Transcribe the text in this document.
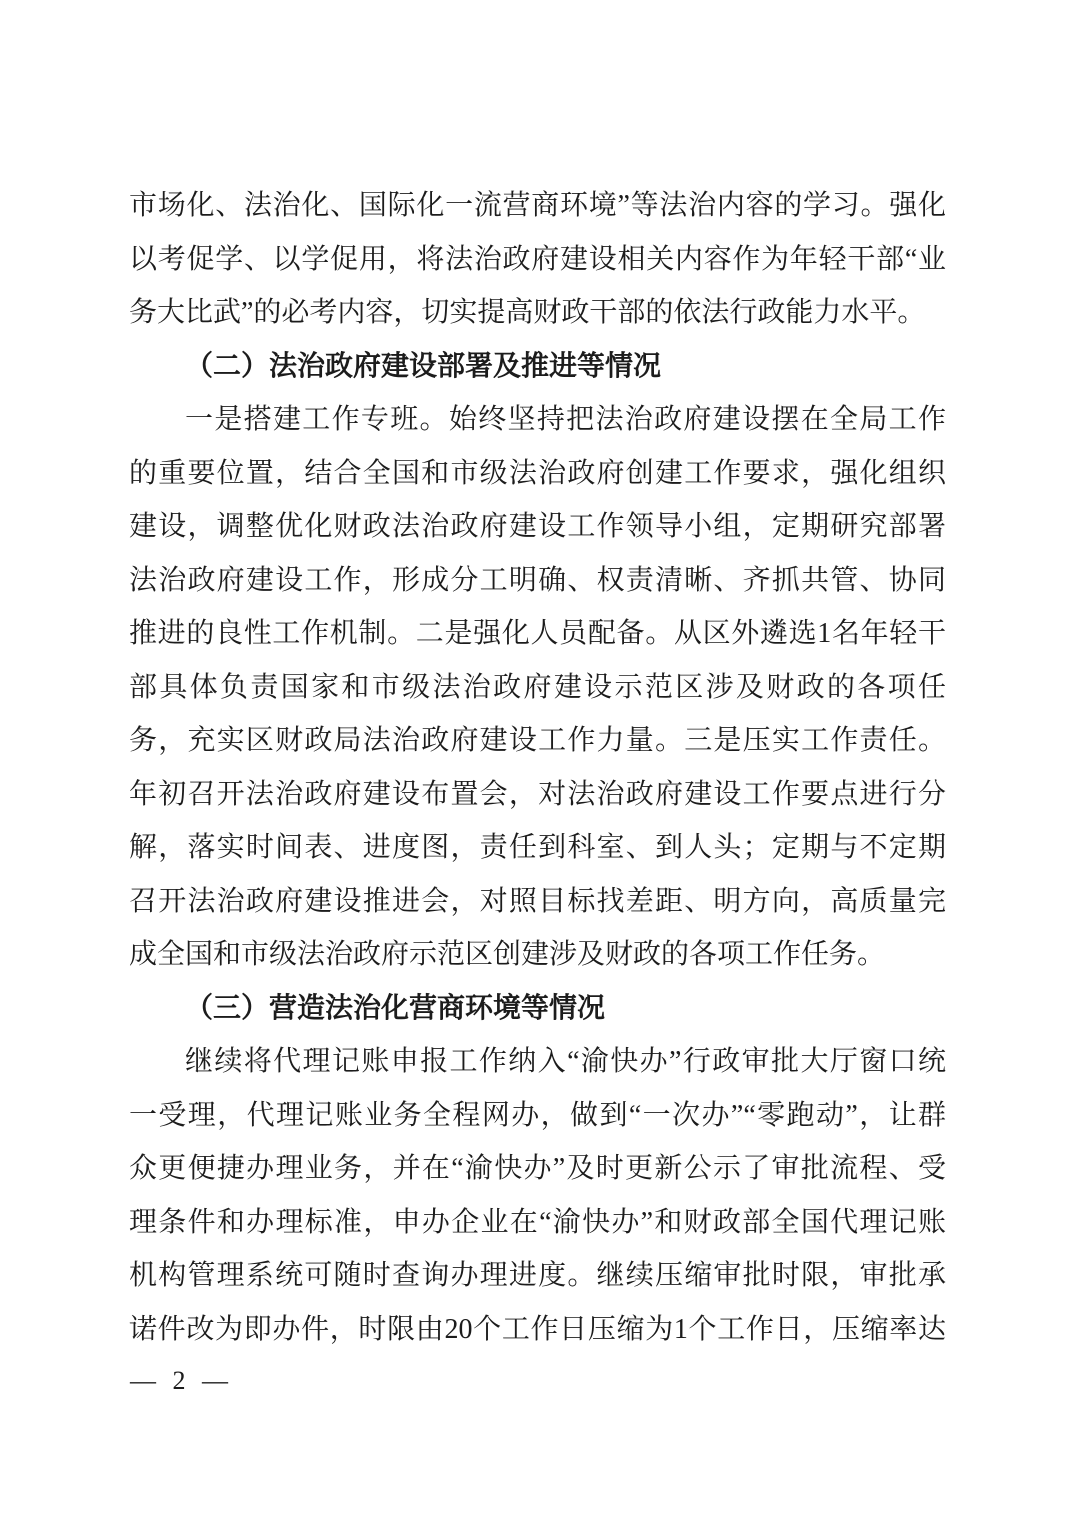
市场化、法治化、国际化一流营商环境”等法治内容的学习。强化
以考促学、以学促用，将法治政府建设相关内容作为年轻干部“业
务大比武”的必考内容，切实提高财政干部的依法行政能力水平。
（二）法治政府建设部署及推进等情况
一是搭建工作专班。始终坚持把法治政府建设摆在全局工作
的重要位置，结合全国和市级法治政府创建工作要求，强化组织
建设，调整优化财政法治政府建设工作领导小组，定期研究部署
法治政府建设工作，形成分工明确、权责清晰、齐抓共管、协同
推进的良性工作机制。二是强化人员配备。从区外遴选1名年轻干
部具体负责国家和市级法治政府建设示范区涉及财政的各项任
务，充实区财政局法治政府建设工作力量。三是压实工作责任。
年初召开法治政府建设布置会，对法治政府建设工作要点进行分
解，落实时间表、进度图，责任到科室、到人头；定期与不定期
召开法治政府建设推进会，对照目标找差距、明方向，高质量完
成全国和市级法治政府示范区创建涉及财政的各项工作任务。
（三）营造法治化营商环境等情况
继续将代理记账申报工作纳入“渝快办”行政审批大厅窗口统
一受理，代理记账业务全程网办，做到“一次办”“零跑动”，让群
众更便捷办理业务，并在“渝快办”及时更新公示了审批流程、受
理条件和办理标准，申办企业在“渝快办”和财政部全国代理记账
机构管理系统可随时查询办理进度。继续压缩审批时限，审批承
诺件改为即办件，时限由20个工作日压缩为1个工作日，压缩率达
— 2 —
